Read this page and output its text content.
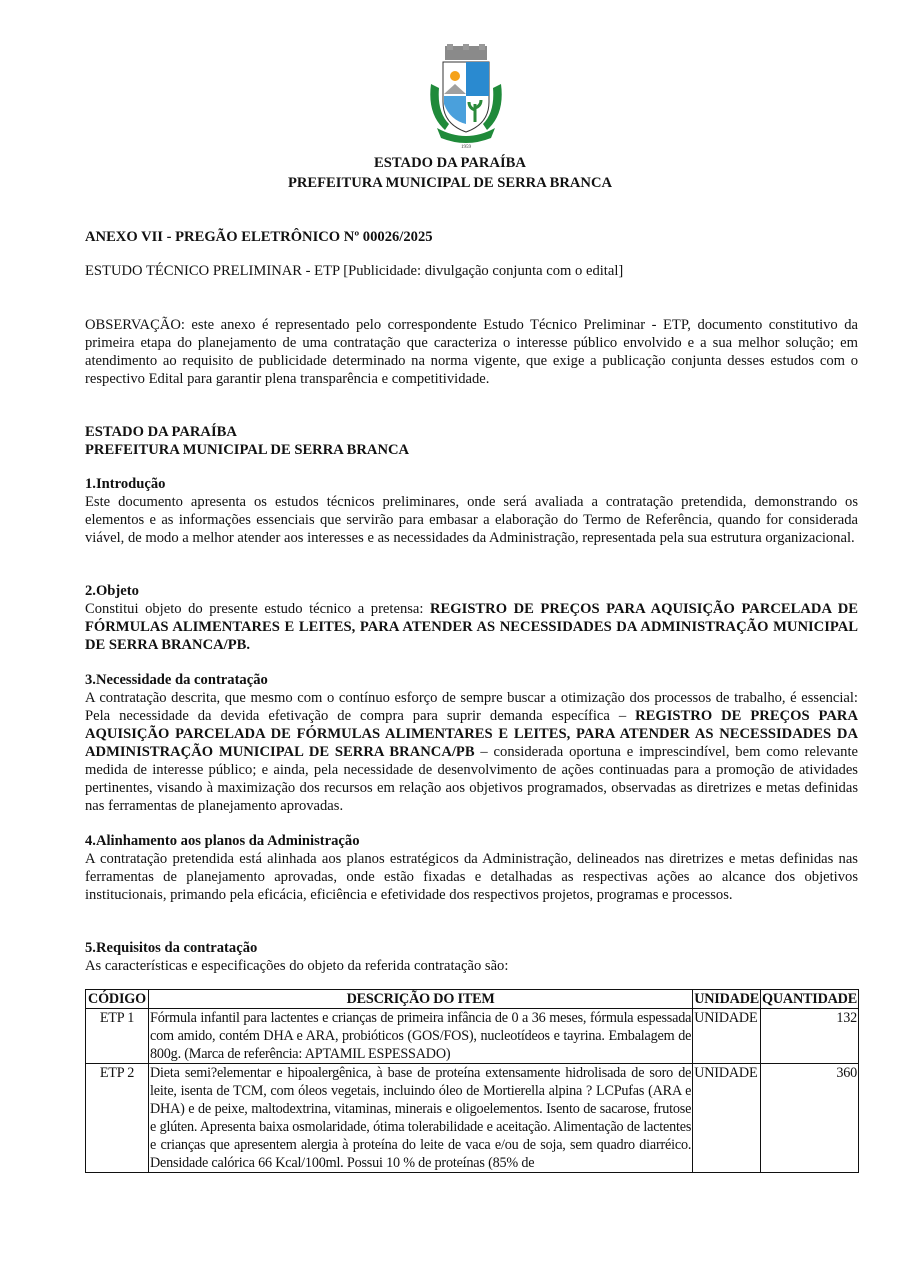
1959
ESTADO DA PARAÍBA
PREFEITURA MUNICIPAL DE SERRA BRANCA
ANEXO VII - PREGÃO ELETRÔNICO Nº 00026/2025
ESTUDO TÉCNICO PRELIMINAR - ETP [Publicidade: divulgação conjunta com o edital]

OBSERVAÇÃO: este anexo é representado pelo correspondente Estudo Técnico Preliminar - ETP, documento constitutivo da primeira etapa do planejamento de uma contratação que caracteriza o interesse público envolvido e a sua melhor solução; em atendimento ao requisito de publicidade determinado na norma vigente, que exige a publicação conjunta desses estudos com o respectivo Edital para garantir plena transparência e competitividade.

ESTADO DA PARAÍBA
PREFEITURA MUNICIPAL DE SERRA BRANCA
1.Introdução

Este documento apresenta os estudos técnicos preliminares, onde será avaliada a contratação pretendida, demonstrando os elementos e as informações essenciais que servirão para embasar a elaboração do Termo de Referência, quando for considerada viável, de modo a melhor atender aos interesses e as necessidades da Administração, representada pela sua estrutura organizacional.

2.Objeto

Constitui objeto do presente estudo técnico a pretensa: REGISTRO DE PREÇOS PARA AQUISIÇÃO PARCELADA DE FÓRMULAS ALIMENTARES E LEITES, PARA ATENDER AS NECESSIDADES DA ADMINISTRAÇÃO MUNICIPAL DE SERRA BRANCA/PB.

3.Necessidade da contratação

A contratação descrita, que mesmo com o contínuo esforço de sempre buscar a otimização dos processos de trabalho, é essencial: Pela necessidade da devida efetivação de compra para suprir demanda específica – REGISTRO DE PREÇOS PARA AQUISIÇÃO PARCELADA DE FÓRMULAS ALIMENTARES E LEITES, PARA ATENDER AS NECESSIDADES DA ADMINISTRAÇÃO MUNICIPAL DE SERRA BRANCA/PB – considerada oportuna e imprescindível, bem como relevante medida de interesse público; e ainda, pela necessidade de desenvolvimento de ações continuadas para a promoção de atividades pertinentes, visando à maximização dos recursos em relação aos objetivos programados, observadas as diretrizes e metas definidas nas ferramentas de planejamento aprovadas.

4.Alinhamento aos planos da Administração

A contratação pretendida está alinhada aos planos estratégicos da Administração, delineados nas diretrizes e metas definidas nas ferramentas de planejamento aprovadas, onde estão fixadas e detalhadas as respectivas ações ao alcance dos objetivos institucionais, primando pela eficácia, eficiência e efetividade dos respectivos projetos, programas e processos.

5.Requisitos da contratação

As características e especificações do objeto da referida contratação são:

CÓDIGO	DESCRIÇÃO DO ITEM	UNIDADE	QUANTIDADE
ETP 1	Fórmula infantil para lactentes e crianças de primeira infância de 0 a 36 meses, fórmula espessada com amido, contém DHA e ARA, probióticos (GOS/FOS), nucleotídeos e tayrina. Embalagem de 800g. (Marca de referência: APTAMIL ESPESSADO)	UNIDADE	132
ETP 2	Dieta semi?elementar e hipoalergênica, à base de proteína extensamente hidrolisada de soro de leite, isenta de TCM, com óleos vegetais, incluindo óleo de Mortierella alpina ? LCPufas (ARA e DHA) e de peixe, maltodextrina, vitaminas, minerais e oligoelementos. Isento de sacarose, frutose e glúten. Apresenta baixa osmolaridade, ótima tolerabilidade e aceitação. Alimentação de lactentes e crianças que apresentem alergia à proteína do leite de vaca e/ou de soja, sem quadro diarréico. Densidade calórica 66 Kcal/100ml. Possui 10 % de proteínas (85% de	UNIDADE	360
